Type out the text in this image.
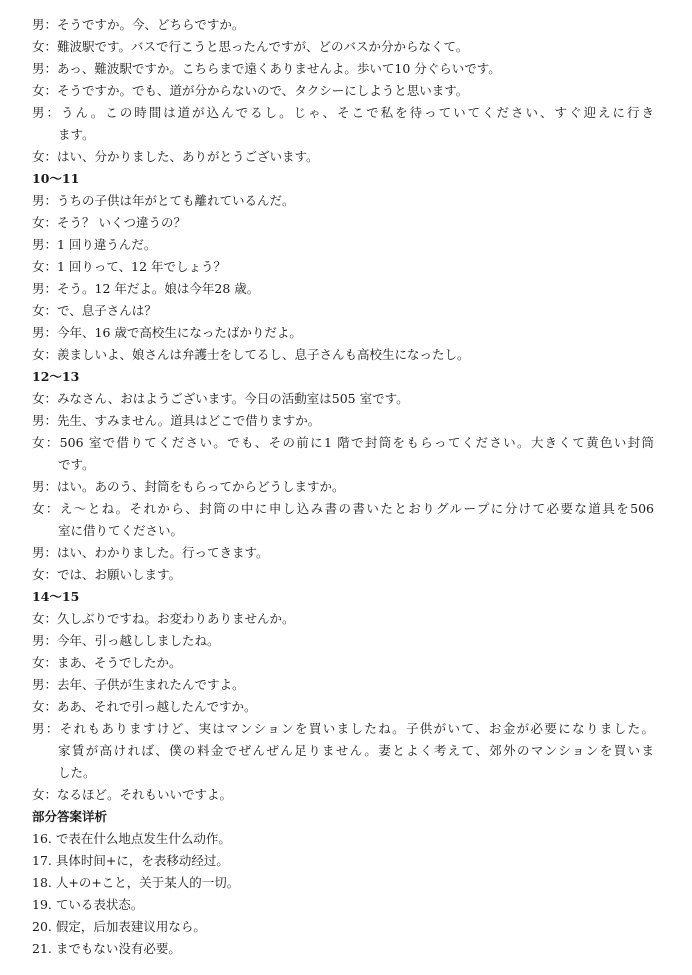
男：そうですか。今、どちらですか。
女：難波駅です。バスで行こうと思ったんですが、どのバスか分からなくて。
男：あっ、難波駅ですか。こちらまで遠くありませんよ。歩いて10 分ぐらいです。
女：そうですか。でも、道が分からないので、タクシーにしようと思います。
男：うん。この時間は道が込んでるし。じゃ、そこで私を待っていてください、すぐ迎えに行き
ます。
女：はい、分かりました、ありがとうございます。
10～11
男：うちの子供は年がとても離れているんだ。
女：そう？ いくつ違うの？
男：1 回り違うんだ。
女：1 回りって、12 年でしょう？
男：そう。12 年だよ。娘は今年28 歳。
女：で、息子さんは？
男：今年、16 歳で高校生になったばかりだよ。
女：羨ましいよ、娘さんは弁護士をしてるし、息子さんも高校生になったし。
12～13
女：みなさん、おはようございます。今日の活動室は505 室です。
男：先生、すみません。道具はどこで借りますか。
女：506 室で借りてください。でも、その前に1 階で封筒をもらってください。大きくて黄色い封筒
です。
男：はい。あのう、封筒をもらってからどうしますか。
女：え～とね。それから、封筒の中に申し込み書の書いたとおりグループに分けて必要な道具を506
室に借りてください。
男：はい、わかりました。行ってきます。
女：では、お願いします。
14～15
女：久しぶりですね。お変わりありませんか。
男：今年、引っ越ししましたね。
女：まあ、そうでしたか。
男：去年、子供が生まれたんですよ。
女：ああ、それで引っ越したんですか。
男：それもありますけど、実はマンションを買いましたね。子供がいて、お金が必要になりました。
家賃が高ければ、僕の料金でぜんぜん足りません。妻とよく考えて、郊外のマンションを買いま
した。
女：なるほど。それもいいですよ。
部分答案详析
16. で表在什么地点发生什么动作。
17. 具体时间+に，を表移动经过。
18. 人+の+こと，关于某人的一切。
19. ている表状态。
20. 假定，后加表建议用なら。
21. までもない没有必要。
